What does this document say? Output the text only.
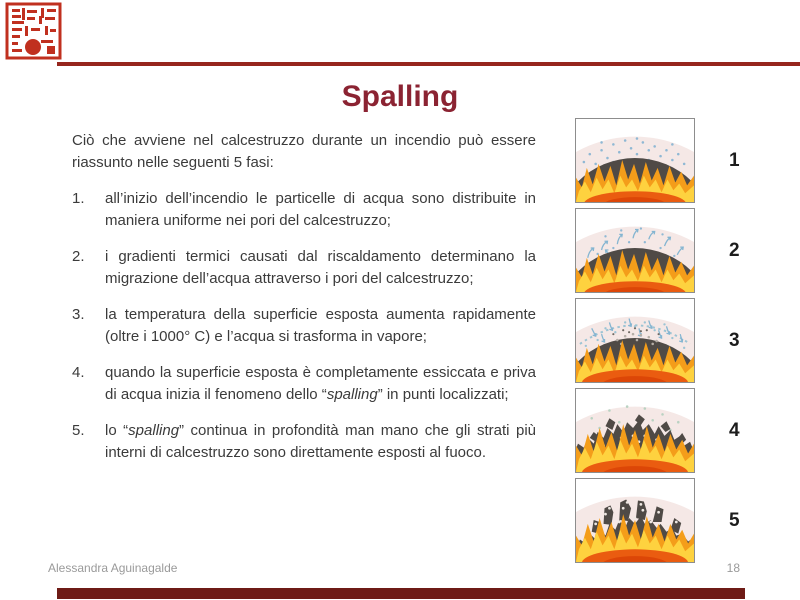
Spalling

Ciò che avviene nel calcestruzzo durante un incendio può essere riassunto nelle seguenti 5 fasi:

1. all’inizio dell’incendio le particelle di acqua sono distribuite in maniera uniforme nei pori del calcestruzzo;
2. i gradienti termici causati dal riscaldamento determinano la migrazione dell’acqua attraverso i pori del calcestruzzo;
3. la temperatura della superficie esposta aumenta rapidamente (oltre i 1000° C) e l’acqua si trasforma in vapore;
4. quando la superficie esposta è completamente essiccata e priva di acqua inizia il fenomeno dello “spalling” in punti localizzati;
5. lo “spalling” continua in profondità man mano che gli strati più interni di calcestruzzo sono direttamente esposti al fuoco.
1
2
3
4
5
Alessandra Aguinagalde	18
